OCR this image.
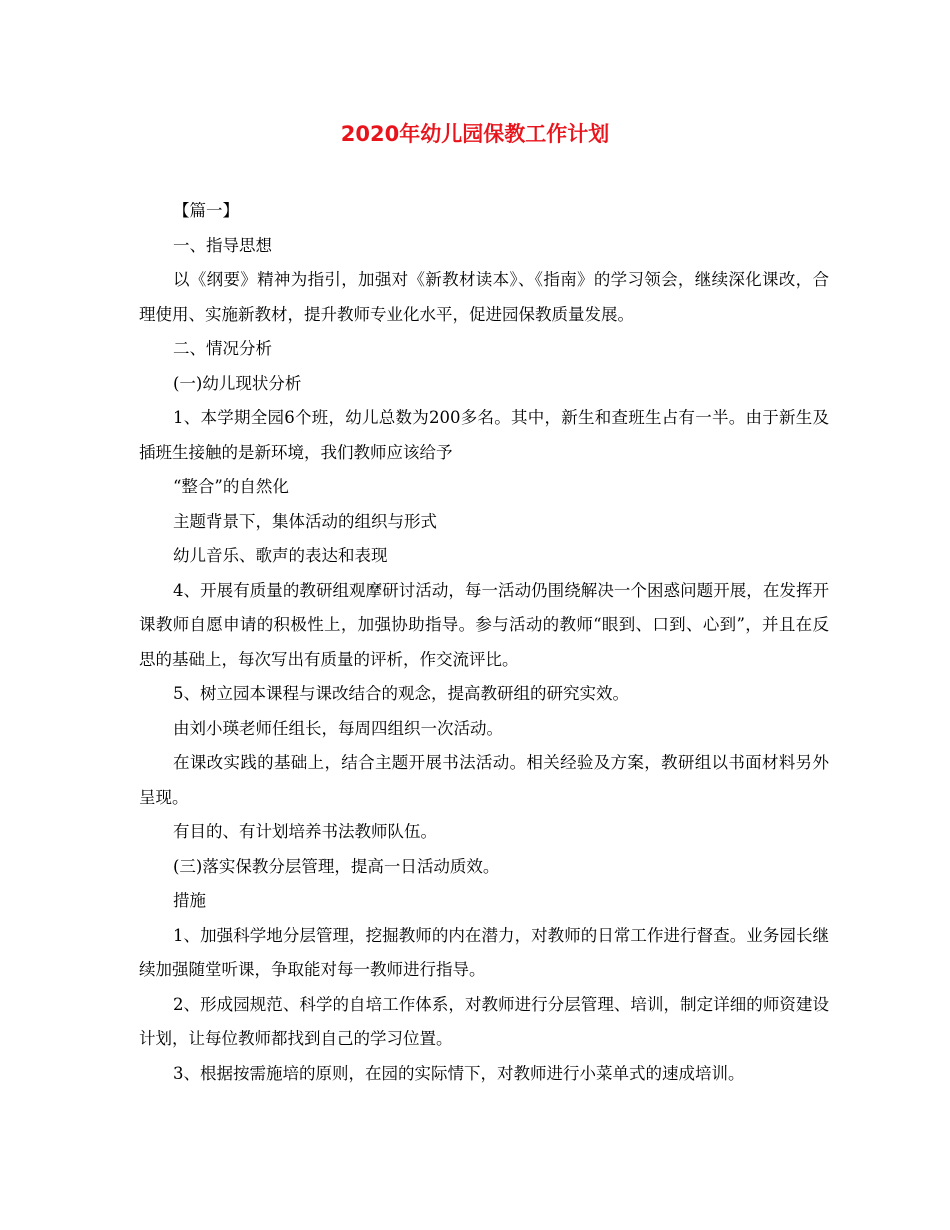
2020年幼儿园保教工作计划

【篇一】

一、指导思想

以《纲要》精神为指引，加强对《新教材读本》、《指南》的学习领会，继续深化课改，合理使用、实施新教材，提升教师专业化水平，促进园保教质量发展。

二、情况分析

(一)幼儿现状分析

1、本学期全园6个班，幼儿总数为200多名。其中，新生和查班生占有一半。由于新生及插班生接触的是新环境，我们教师应该给予

“整合”的自然化

主题背景下，集体活动的组织与形式

幼儿音乐、歌声的表达和表现

4、开展有质量的教研组观摩研讨活动，每一活动仍围绕解决一个困惑问题开展，在发挥开课教师自愿申请的积极性上，加强协助指导。参与活动的教师“眼到、口到、心到”，并且在反思的基础上，每次写出有质量的评析，作交流评比。

5、树立园本课程与课改结合的观念，提高教研组的研究实效。

由刘小瑛老师任组长，每周四组织一次活动。

在课改实践的基础上，结合主题开展书法活动。相关经验及方案，教研组以书面材料另外呈现。

有目的、有计划培养书法教师队伍。

(三)落实保教分层管理，提高一日活动质效。

措施

1、加强科学地分层管理，挖掘教师的内在潜力，对教师的日常工作进行督查。业务园长继续加强随堂听课，争取能对每一教师进行指导。

2、形成园规范、科学的自培工作体系，对教师进行分层管理、培训，制定详细的师资建设计划，让每位教师都找到自己的学习位置。

3、根据按需施培的原则，在园的实际情下，对教师进行小菜单式的速成培训。
